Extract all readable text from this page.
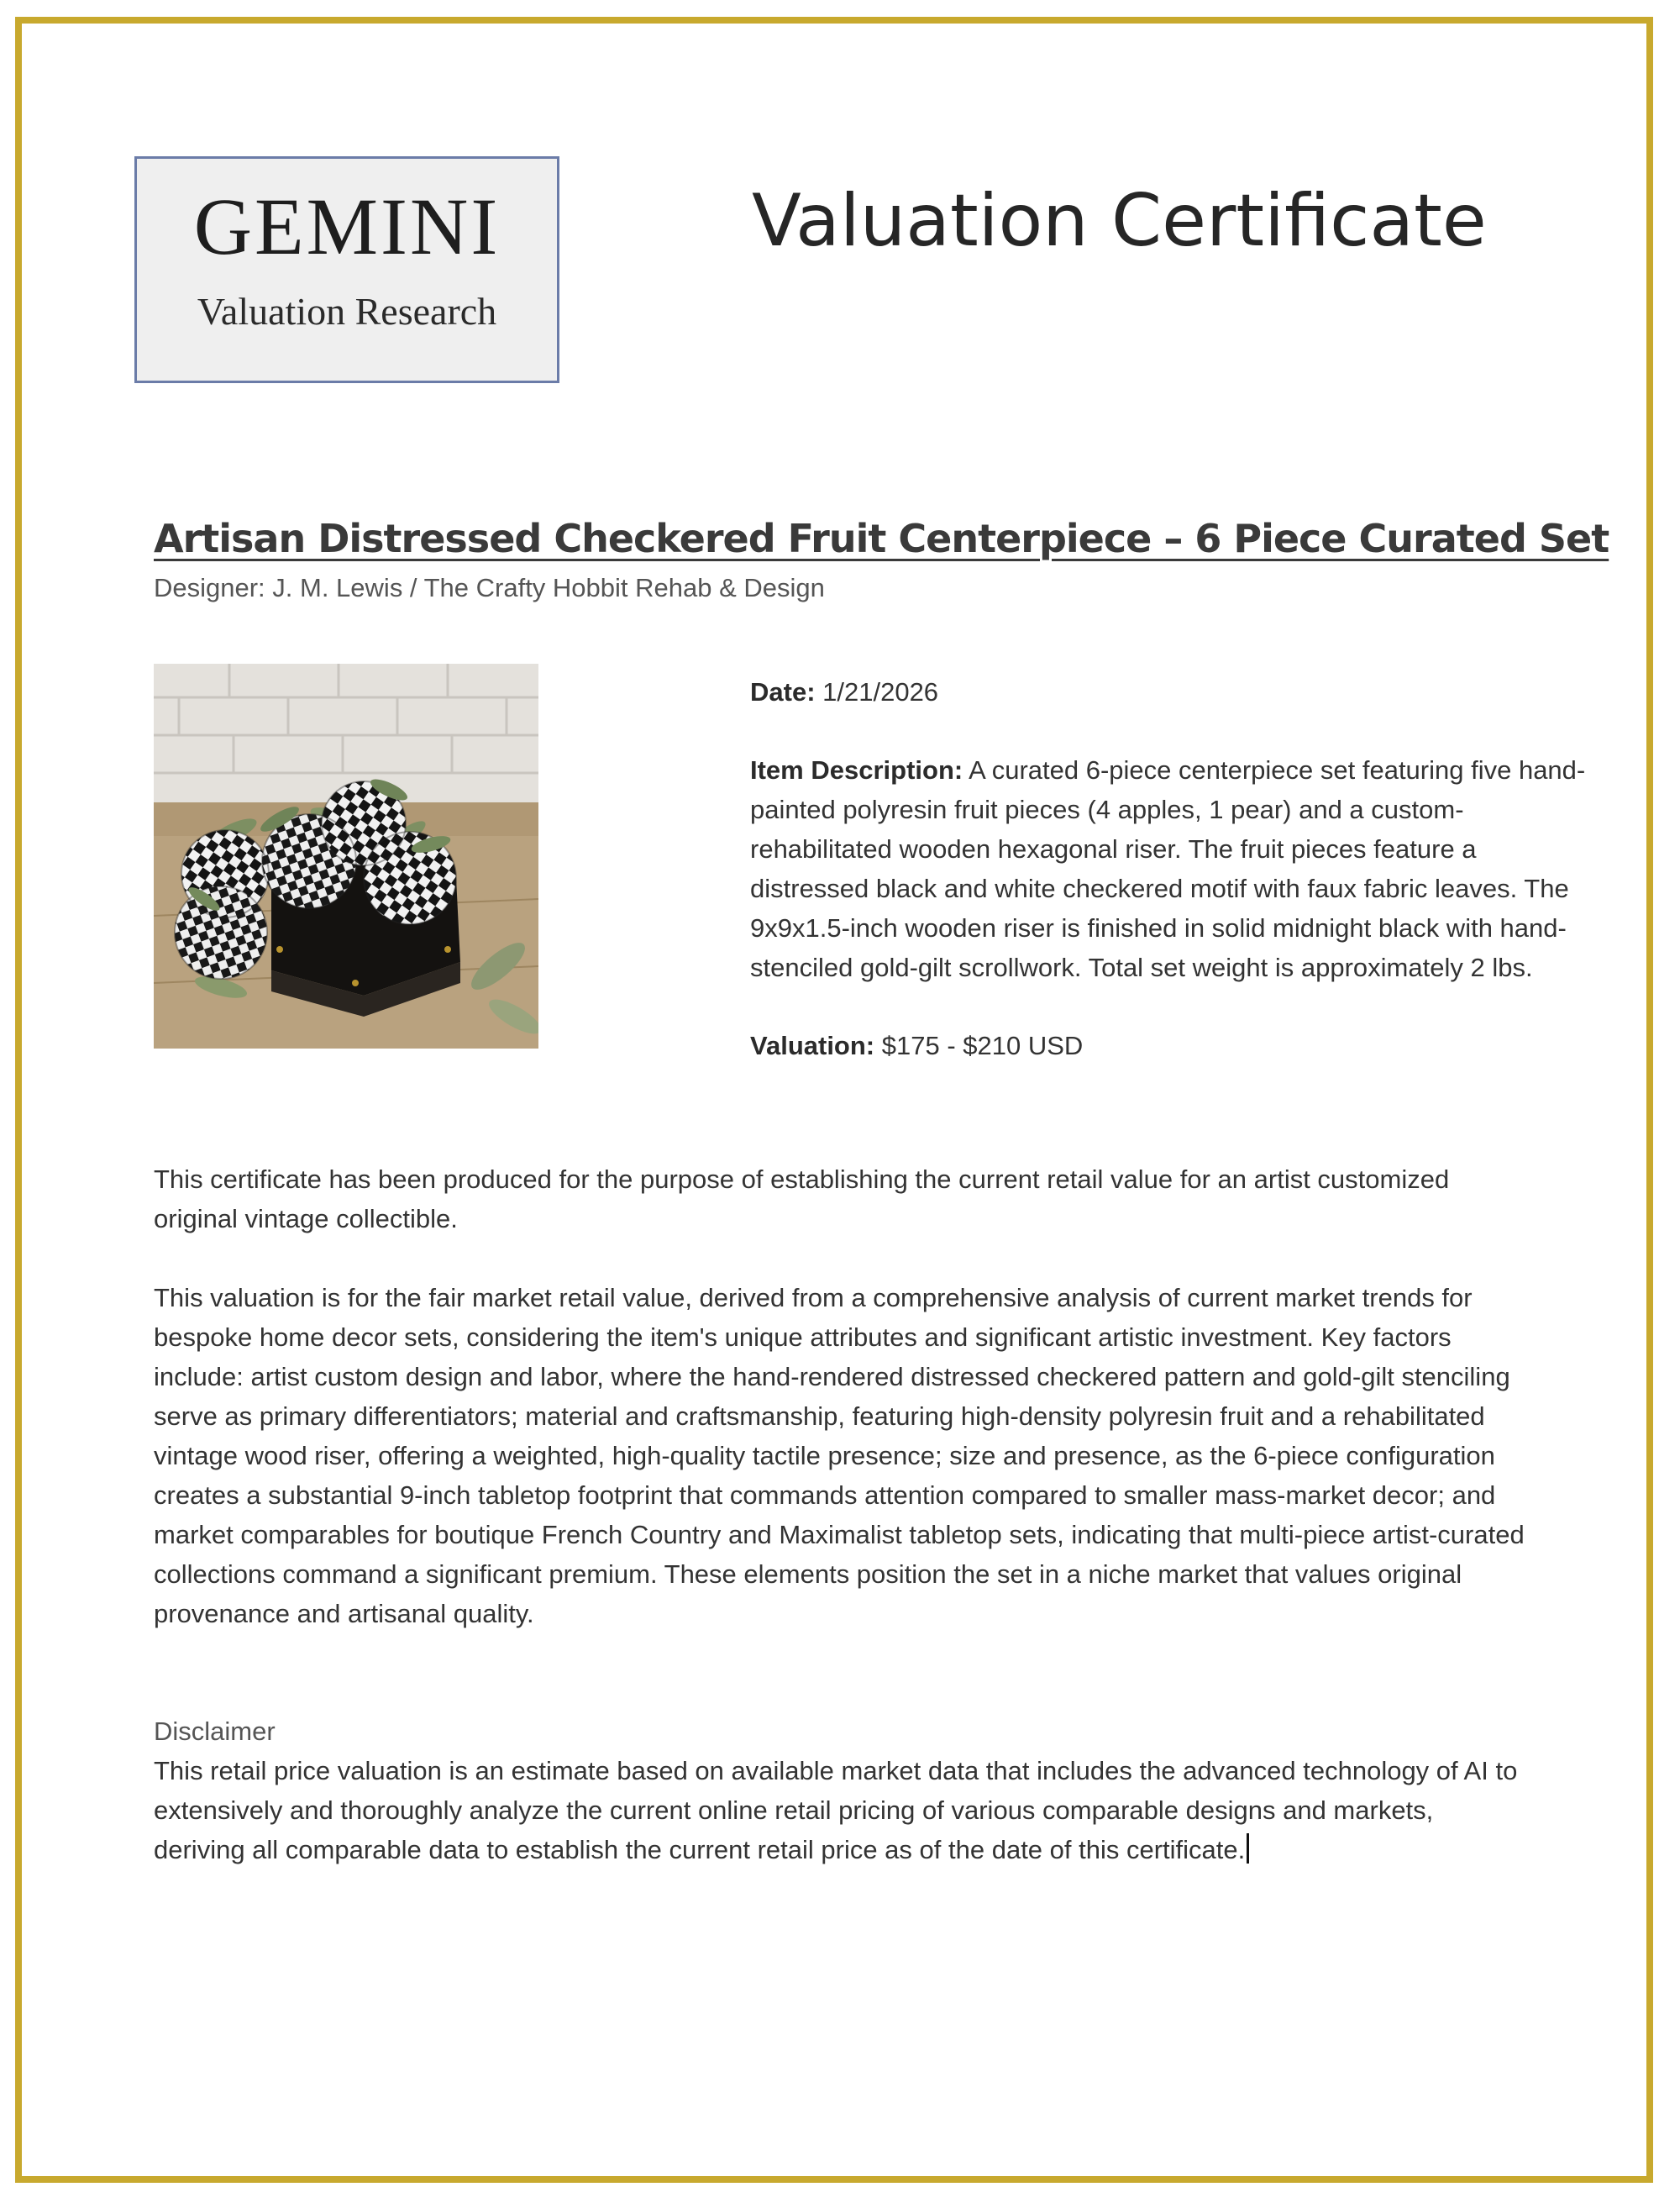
GEMINI
Valuation Research
Valuation Certificate
Artisan Distressed Checkered Fruit Centerpiece – 6 Piece Curated Set
Designer: J. M. Lewis / The Crafty Hobbit Rehab & Design

Date: 1/21/2026

Item Description: A curated 6-piece centerpiece set featuring five hand-painted polyresin fruit pieces (4 apples, 1 pear) and a custom-rehabilitated wooden hexagonal riser. The fruit pieces feature a distressed black and white checkered motif with faux fabric leaves. The 9x9x1.5-inch wooden riser is finished in solid midnight black with hand-stenciled gold-gilt scrollwork. Total set weight is approximately 2 lbs.

Valuation: $175 - $210 USD

This certificate has been produced for the purpose of establishing the current retail value for an artist customized original vintage collectible.

This valuation is for the fair market retail value, derived from a comprehensive analysis of current market trends for bespoke home decor sets, considering the item's unique attributes and significant artistic investment. Key factors include: artist custom design and labor, where the hand-rendered distressed checkered pattern and gold-gilt stenciling serve as primary differentiators; material and craftsmanship, featuring high-density polyresin fruit and a rehabilitated vintage wood riser, offering a weighted, high-quality tactile presence; size and presence, as the 6-piece configuration creates a substantial 9-inch tabletop footprint that commands attention compared to smaller mass-market decor; and market comparables for boutique French Country and Maximalist tabletop sets, indicating that multi-piece artist-curated collections command a significant premium. These elements position the set in a niche market that values original provenance and artisanal quality.

Disclaimer

This retail price valuation is an estimate based on available market data that includes the advanced technology of AI to extensively and thoroughly analyze the current online retail pricing of various comparable designs and markets, deriving all comparable data to establish the current retail price as of the date of this certificate.
